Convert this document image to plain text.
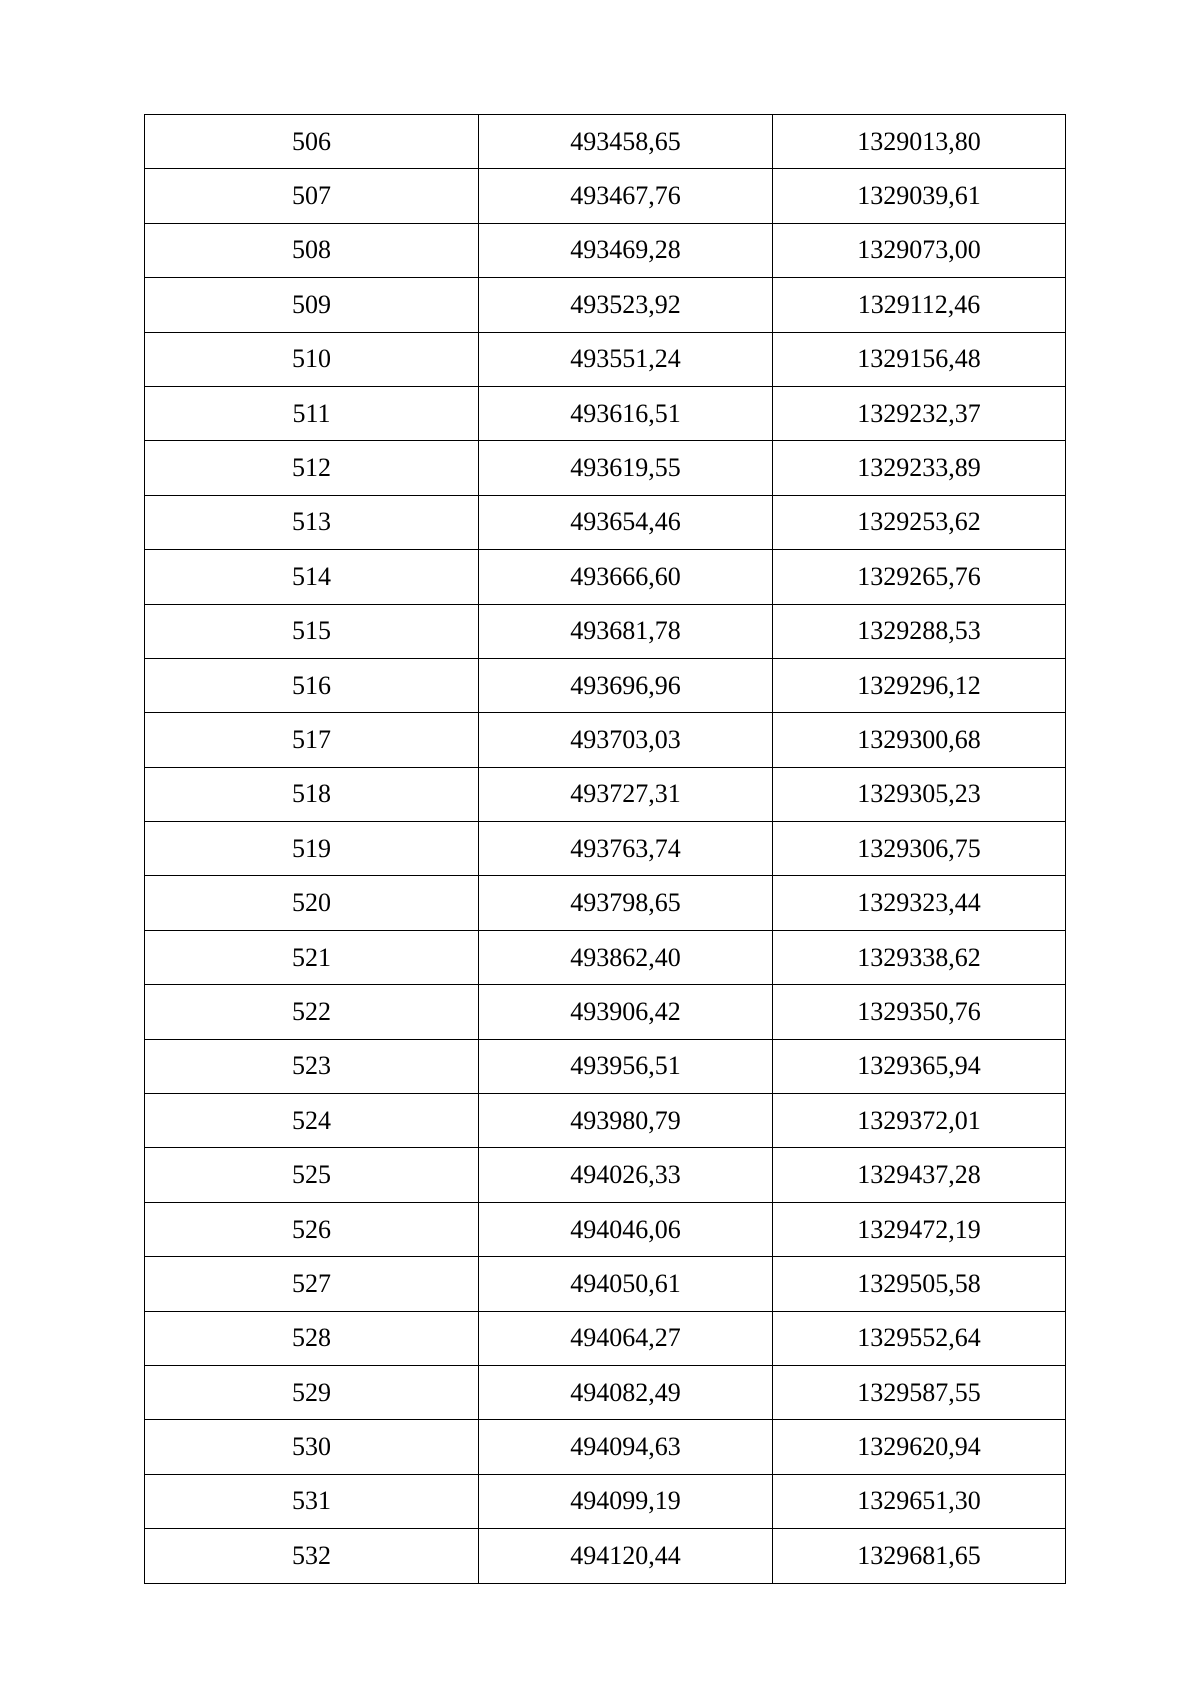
506	493458,65	1329013,80
507	493467,76	1329039,61
508	493469,28	1329073,00
509	493523,92	1329112,46
510	493551,24	1329156,48
511	493616,51	1329232,37
512	493619,55	1329233,89
513	493654,46	1329253,62
514	493666,60	1329265,76
515	493681,78	1329288,53
516	493696,96	1329296,12
517	493703,03	1329300,68
518	493727,31	1329305,23
519	493763,74	1329306,75
520	493798,65	1329323,44
521	493862,40	1329338,62
522	493906,42	1329350,76
523	493956,51	1329365,94
524	493980,79	1329372,01
525	494026,33	1329437,28
526	494046,06	1329472,19
527	494050,61	1329505,58
528	494064,27	1329552,64
529	494082,49	1329587,55
530	494094,63	1329620,94
531	494099,19	1329651,30
532	494120,44	1329681,65
